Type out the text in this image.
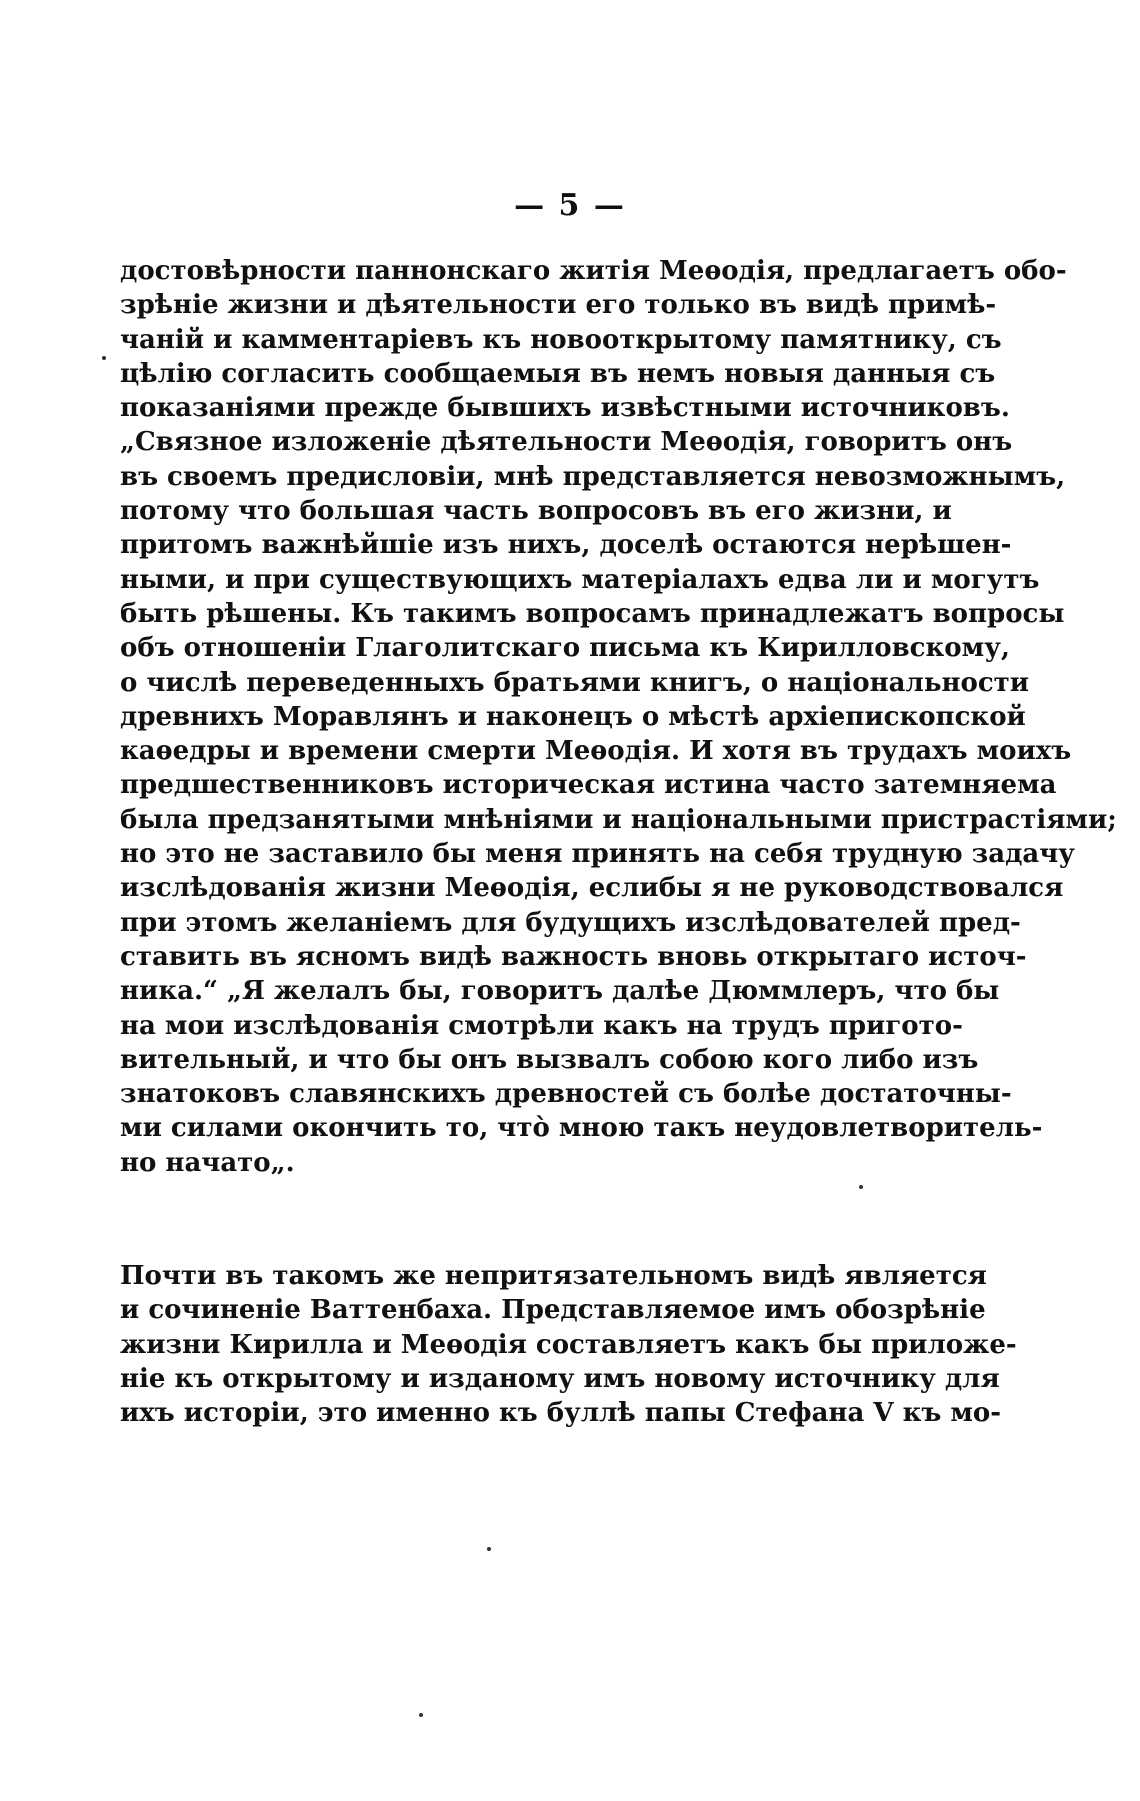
— 5 —
достовѣрности паннонскаго житія Меѳодія, предлагаетъ обо-
зрѣніе жизни и дѣятельности его только въ видѣ примѣ-
чаній и камментаріевъ къ новооткрытому памятнику, съ
цѣлію согласить сообщаемыя въ немъ новыя данныя съ
показаніями прежде бывшихъ извѣстными источниковъ.
„Связное изложеніе дѣятельности Меѳодія, говоритъ онъ
въ своемъ предисловіи, мнѣ представляется невозможнымъ,
потому что большая часть вопросовъ въ его жизни, и
притомъ важнѣйшіе изъ нихъ, доселѣ остаются нерѣшен-
ными, и при существующихъ матеріалахъ едва ли и могутъ
быть рѣшены. Къ такимъ вопросамъ принадлежатъ вопросы
объ отношеніи Глаголитскаго письма къ Кирилловскому,
о числѣ переведенныхъ братьями книгъ, о національности
древнихъ Моравлянъ и наконецъ о мѣстѣ архіепископской
каѳедры и времени смерти Меѳодія. И хотя въ трудахъ моихъ
предшественниковъ историческая истина часто затемняема
была предзанятыми мнѣніями и національными пристрастіями;
но это не заставило бы меня принять на себя трудную задачу
изслѣдованія жизни Меѳодія, еслибы я не руководствовался
при этомъ желаніемъ для будущихъ изслѣдователей пред-
ставить въ ясномъ видѣ важность вновь открытаго источ-
ника.“ „Я желалъ бы, говоритъ далѣе Дюммлеръ, что бы
на мои изслѣдованія смотрѣли какъ на трудъ пригото-
вительный, и что бы онъ вызвалъ собою кого либо изъ
знатоковъ славянскихъ древностей съ болѣе достаточны-
ми силами окончить то, что̀ мною такъ неудовлетворитель-
но начато„.
Почти въ такомъ же непритязательномъ видѣ является
и сочиненіе Ваттенбаха. Представляемое имъ обозрѣніе
жизни Кирилла и Меѳодія составляетъ какъ бы приложе-
ніе къ открытому и изданому имъ новому источнику для
ихъ исторіи, это именно къ буллѣ папы Стефана V къ мо-
